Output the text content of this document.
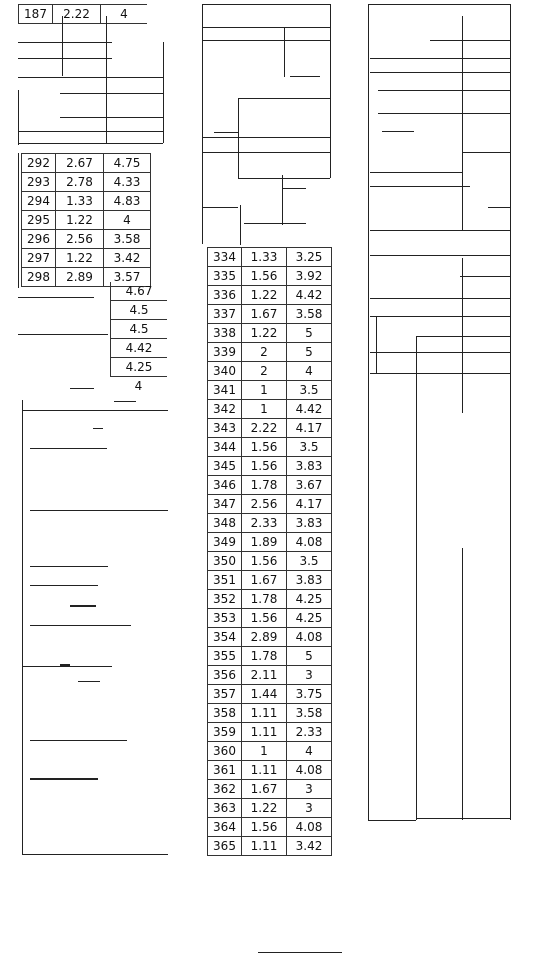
187	2.22	4
292	2.67	4.75
293	2.78	4.33
294	1.33	4.83
295	1.22	4
296	2.56	3.58
297	1.22	3.42
298	2.89	3.57
4.67
4.5
4.5
4.42
4.25
4
334	1.33	3.25
335	1.56	3.92
336	1.22	4.42
337	1.67	3.58
338	1.22	5
339	2	5
340	2	4
341	1	3.5
342	1	4.42
343	2.22	4.17
344	1.56	3.5
345	1.56	3.83
346	1.78	3.67
347	2.56	4.17
348	2.33	3.83
349	1.89	4.08
350	1.56	3.5
351	1.67	3.83
352	1.78	4.25
353	1.56	4.25
354	2.89	4.08
355	1.78	5
356	2.11	3
357	1.44	3.75
358	1.11	3.58
359	1.11	2.33
360	1	4
361	1.11	4.08
362	1.67	3
363	1.22	3
364	1.56	4.08
365	1.11	3.42
